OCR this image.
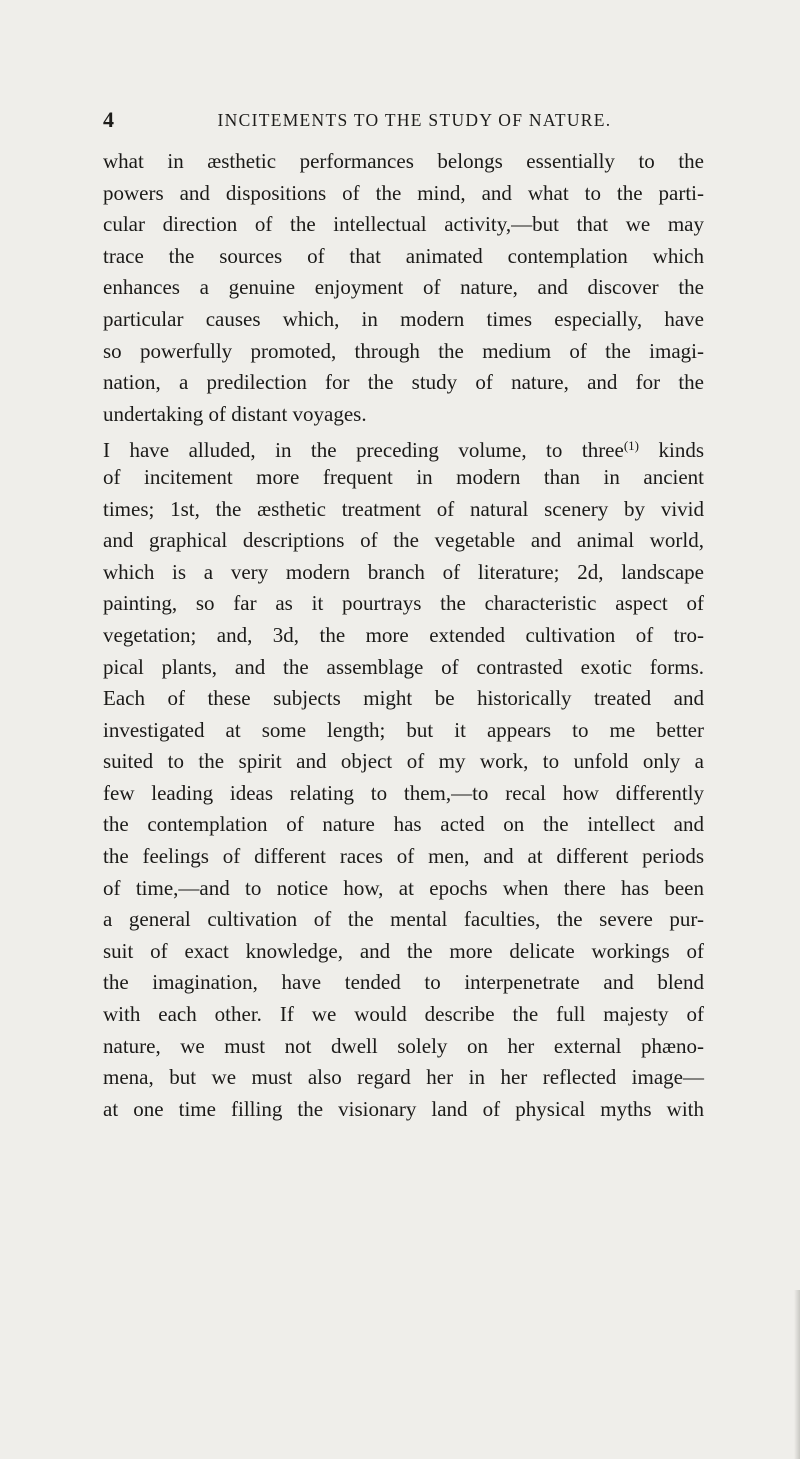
4	INCITEMENTS TO THE STUDY OF NATURE.
what in æsthetic performances belongs essentially to the
powers and dispositions of the mind, and what to the parti-
cular direction of the intellectual activity,—but that we may
trace the sources of that animated contemplation which
enhances a genuine enjoyment of nature, and discover the
particular causes which, in modern times especially, have
so powerfully promoted, through the medium of the imagi-
nation, a predilection for the study of nature, and for the
undertaking of distant voyages.
I have alluded, in the preceding volume, to three$^{(1)}$ kinds
of incitement more frequent in modern than in ancient
times; 1st, the æsthetic treatment of natural scenery by vivid
and graphical descriptions of the vegetable and animal world,
which is a very modern branch of literature; 2d, landscape
painting, so far as it pourtrays the characteristic aspect of
vegetation; and, 3d, the more extended cultivation of tro-
pical plants, and the assemblage of contrasted exotic forms.
Each of these subjects might be historically treated and
investigated at some length; but it appears to me better
suited to the spirit and object of my work, to unfold only a
few leading ideas relating to them,—to recal how differently
the contemplation of nature has acted on the intellect and
the feelings of different races of men, and at different periods
of time,—and to notice how, at epochs when there has been
a general cultivation of the mental faculties, the severe pur-
suit of exact knowledge, and the more delicate workings of
the imagination, have tended to interpenetrate and blend
with each other. If we would describe the full majesty of
nature, we must not dwell solely on her external phæno-
mena, but we must also regard her in her reflected image—
at one time filling the visionary land of physical myths with
